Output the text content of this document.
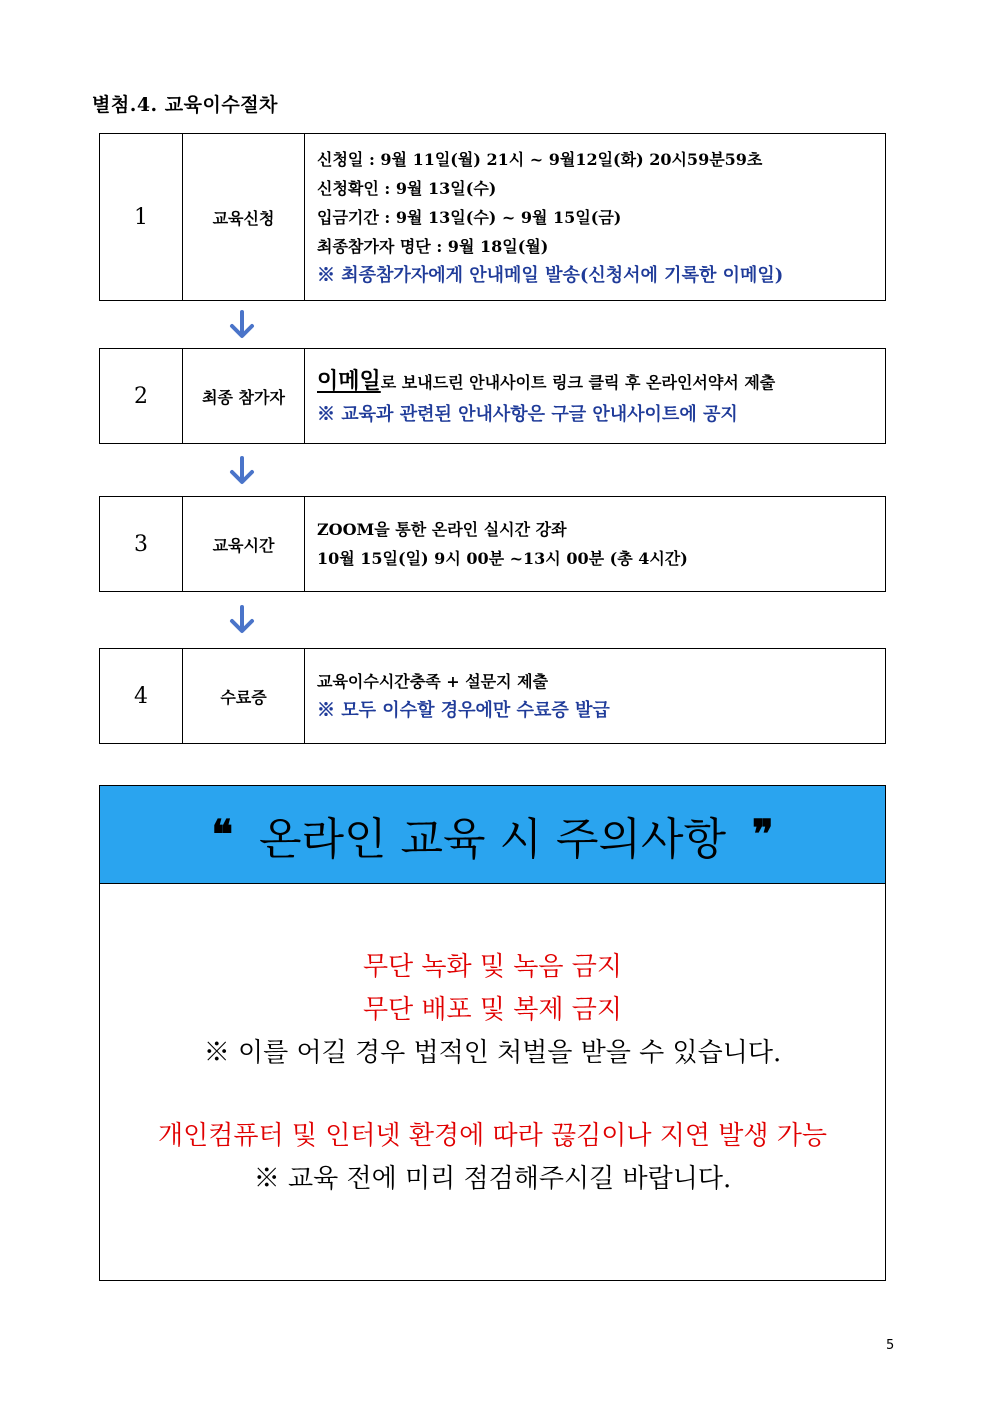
별첨.4. 교육이수절차
1	교육신청
신청일 : 9월 11일(월) 21시 ~ 9월12일(화) 20시59분59초
신청확인 : 9월 13일(수)
입금기간 : 9월 13일(수) ~ 9월 15일(금)
최종참가자 명단 : 9월 18일(월)
※ 최종참가자에게 안내메일 발송(신청서에 기록한 이메일)
2	최종 참가자
이메일로 보내드린 안내사이트 링크 클릭 후 온라인서약서 제출
※ 교육과 관련된 안내사항은 구글 안내사이트에 공지
3	교육시간
ZOOM을 통한 온라인 실시간 강좌
10월 15일(일) 9시 00분 ~13시 00분 (총 4시간)
4	수료증
교육이수시간충족 + 설문지 제출
※ 모두 이수할 경우에만 수료증 발급
❝ 온라인 교육 시 주의사항 ❞
무단 녹화 및 녹음 금지
무단 배포 및 복제 금지
※ 이를 어길 경우 법적인 처벌을 받을 수 있습니다.
개인컴퓨터 및 인터넷 환경에 따라 끊김이나 지연 발생 가능
※ 교육 전에 미리 점검해주시길 바랍니다.
5
